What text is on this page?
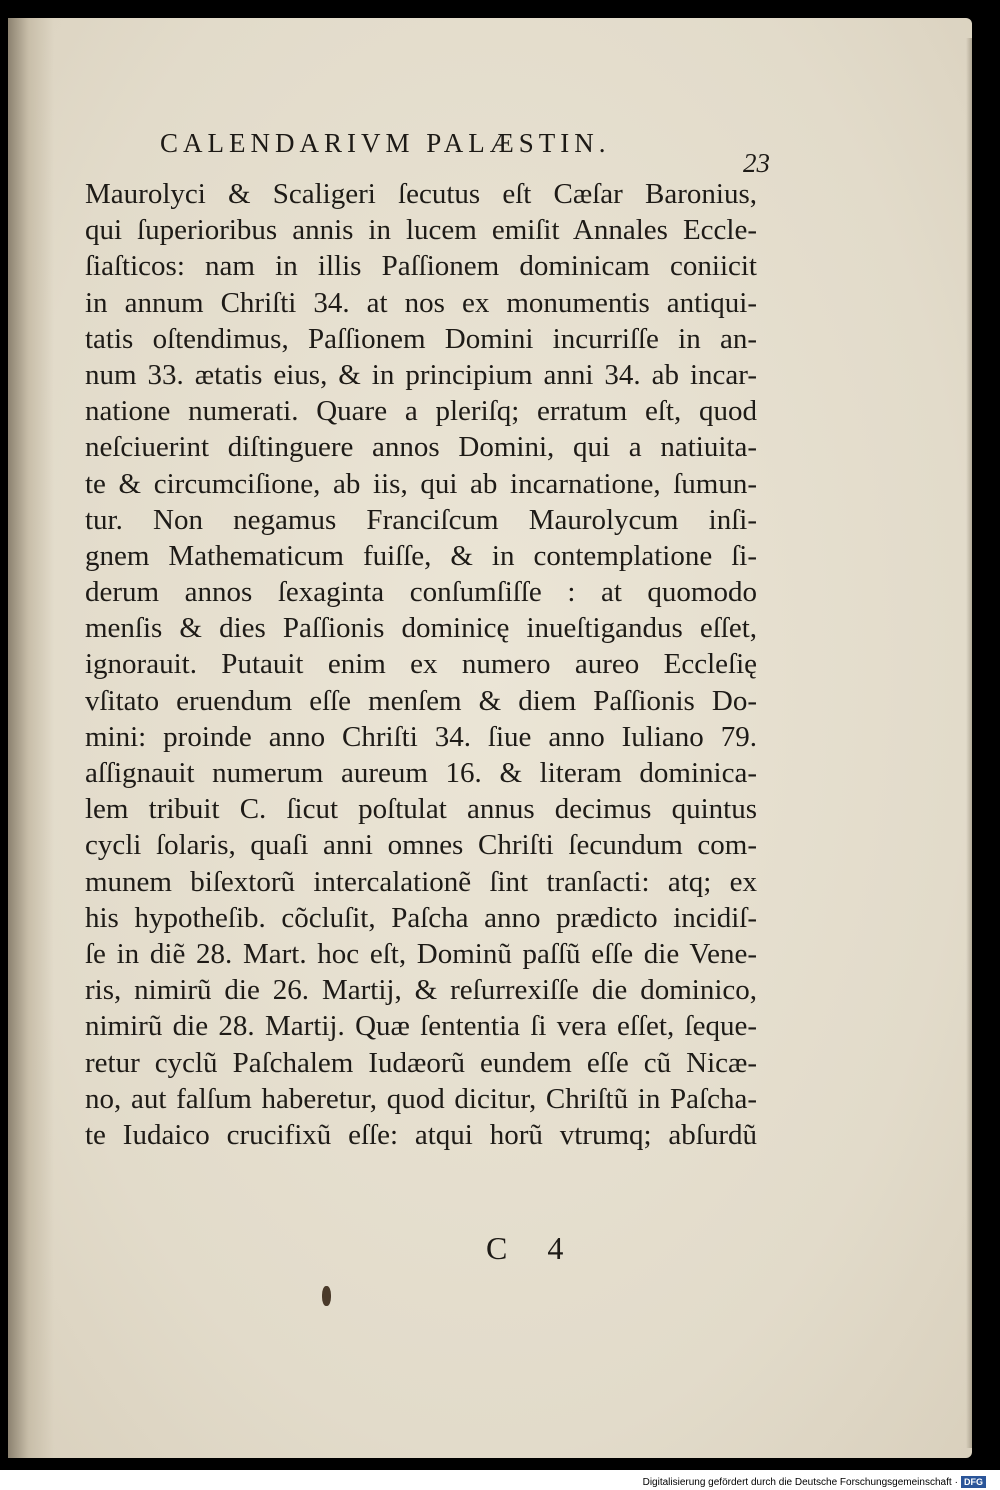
CALENDARIVM PALÆSTIN.
23
Maurolyci & Scaligeri ſecutus eſt Cæſar Baronius,
qui ſuperioribus annis in lucem emiſit Annales Eccle-
ſiaſticos: nam in illis Paſſionem dominicam coniicit
in annum Chriſti 34. at nos ex monumentis antiqui-
tatis oſtendimus, Paſſionem Domini incurriſſe in an-
num 33. ætatis eius, & in principium anni 34. ab incar-
natione numerati. Quare a pleriſq; erratum eſt, quod
neſciuerint diſtinguere annos Domini, qui a natiuita-
te & circumciſione, ab iis, qui ab incarnatione, ſumun-
tur. Non negamus Franciſcum Maurolycum inſi-
gnem Mathematicum fuiſſe, & in contemplatione ſi-
derum annos ſexaginta conſumſiſſe : at quomodo
menſis & dies Paſſionis dominicę inueſtigandus eſſet,
ignorauit. Putauit enim ex numero aureo Eccleſię
vſitato eruendum eſſe menſem & diem Paſſionis Do-
mini: proinde anno Chriſti 34. ſiue anno Iuliano 79.
aſſignauit numerum aureum 16. & literam dominica-
lem tribuit C. ſicut poſtulat annus decimus quintus
cycli ſolaris, quaſi anni omnes Chriſti ſecundum com-
munem biſextorũ intercalationẽ ſint tranſacti: atq; ex
his hypotheſib. cõcluſit, Paſcha anno prædicto incidiſ-
ſe in diẽ 28. Mart. hoc eſt, Dominũ paſſũ eſſe die Vene-
ris, nimirũ die 26. Martij, & reſurrexiſſe die dominico,
nimirũ die 28. Martij. Quæ ſententia ſi vera eſſet, ſeque-
retur cyclũ Paſchalem Iudæorũ eundem eſſe cũ Nicæ-
no, aut falſum haberetur, quod dicitur, Chriſtũ in Paſcha-
te Iudaico crucifixũ eſſe: atqui horũ vtrumq; abſurdũ
C 4
Digitalisierung gefördert durch die Deutsche Forschungsgemeinschaft · DFG
